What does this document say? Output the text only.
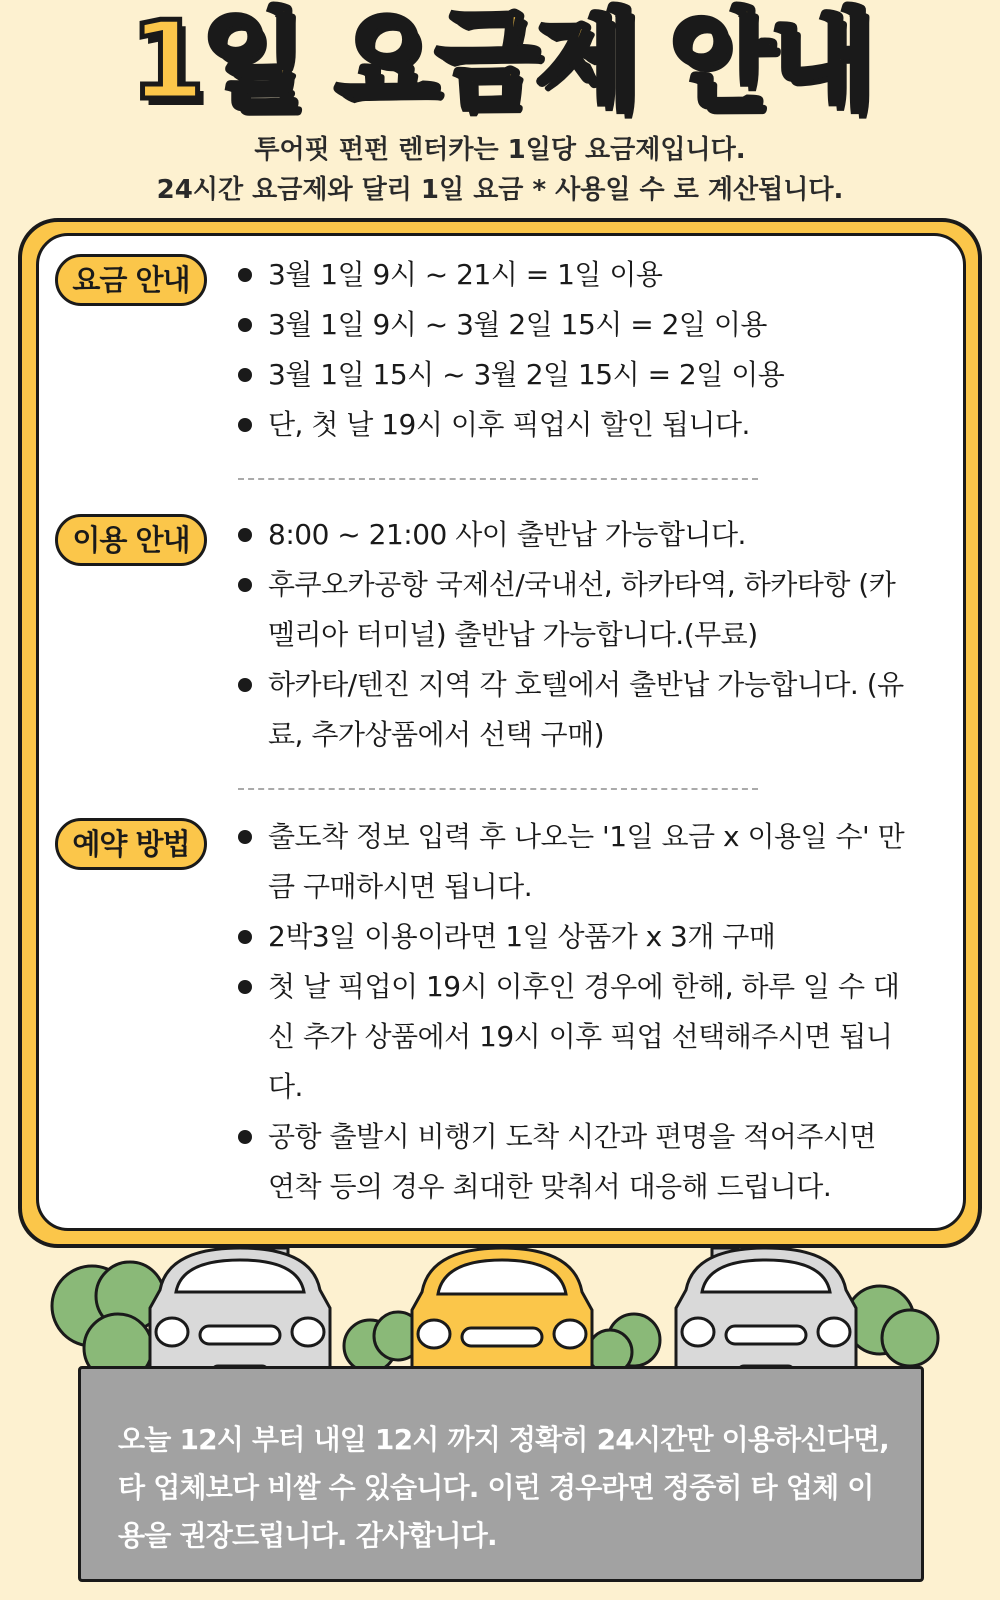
1일 요금제 안내
투어핏 펀펀 렌터카는 1일당 요금제입니다.
24시간 요금제와 달리 1일 요금 * 사용일 수 로 계산됩니다.
요금 안내	3월 1일 9시 ~ 21시 = 1일 이용
3월 1일 9시 ~ 3월 2일 15시 = 2일 이용
3월 1일 15시 ~ 3월 2일 15시 = 2일 이용
단, 첫 날 19시 이후 픽업시 할인 됩니다.
이용 안내	8:00 ~ 21:00 사이 출반납 가능합니다.
후쿠오카공항 국제선/국내선, 하카타역, 하카타항 (카멜리아 터미널) 출반납 가능합니다.(무료)
하카타/텐진 지역 각 호텔에서 출반납 가능합니다. (유료, 추가상품에서 선택 구매)
예약 방법	출도착 정보 입력 후 나오는 '1일 요금 x 이용일 수' 만큼 구매하시면 됩니다.
2박3일 이용이라면 1일 상품가 x 3개 구매
첫 날 픽업이 19시 이후인 경우에 한해, 하루 일 수 대신 추가 상품에서 19시 이후 픽업 선택해주시면 됩니다.
공항 출발시 비행기 도착 시간과 편명을 적어주시면 연착 등의 경우 최대한 맞춰서 대응해 드립니다.
오늘 12시 부터 내일 12시 까지 정확히 24시간만 이용하신다면, 타 업체보다 비쌀 수 있습니다. 이런 경우라면 정중히 타 업체 이용을 권장드립니다. 감사합니다.
